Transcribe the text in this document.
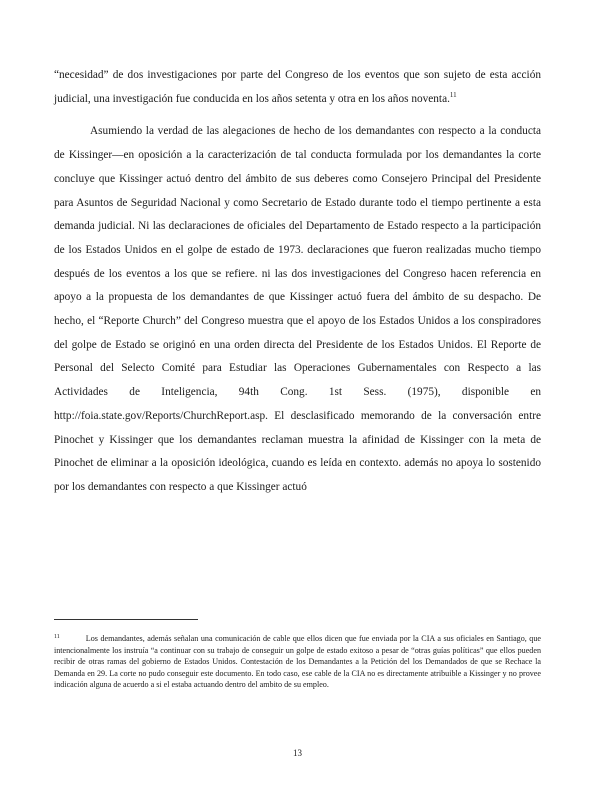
“necesidad” de dos investigaciones por parte del Congreso de los eventos que son sujeto de esta acción judicial, una investigación fue conducida en los años setenta y otra en los años noventa.$^{11}$

Asumiendo la verdad de las alegaciones de hecho de los demandantes con respecto a la conducta de Kissinger—en oposición a la caracterización de tal conducta formulada por los demandantes la corte concluye que Kissinger actuó dentro del ámbito de sus deberes como Consejero Principal del Presidente para Asuntos de Seguridad Nacional y como Secretario de Estado durante todo el tiempo pertinente a esta demanda judicial. Ni las declaraciones de oficiales del Departamento de Estado respecto a la participación de los Estados Unidos en el golpe de estado de 1973. declaraciones que fueron realizadas mucho tiempo después de los eventos a los que se refiere. ni las dos investigaciones del Congreso hacen referencia en apoyo a la propuesta de los demandantes de que Kissinger actuó fuera del ámbito de su despacho. De hecho, el “Reporte Church” del Congreso muestra que el apoyo de los Estados Unidos a los conspiradores del golpe de Estado se originó en una orden directa del Presidente de los Estados Unidos. El Reporte de Personal del Selecto Comité para Estudiar las Operaciones Gubernamentales con Respecto a las Actividades de Inteligencia, 94th Cong. 1st Sess. (1975), disponible en http://foia.state.gov/Reports/ChurchReport.asp. El desclasificado memorando de la conversación entre Pinochet y Kissinger que los demandantes reclaman muestra la afinidad de Kissinger con la meta de Pinochet de eliminar a la oposición ideológica, cuando es leída en contexto. además no apoya lo sostenido por los demandantes con respecto a que Kissinger actuó

$^{11}$	Los demandantes, además señalan una comunicación de cable que ellos dicen que fue enviada por la CIA a sus oficiales en Santiago, que intencionalmente los instruía “a continuar con su trabajo de conseguir un golpe de estado exitoso a pesar de “otras guías políticas” que ellos pueden recibir de otras ramas del gobierno de Estados Unidos. Contestación de los Demandantes a la Petición del los Demandados de que se Rechace la Demanda en 29. La corte no pudo conseguir este documento. En todo caso, ese cable de la CIA no es directamente atribuible a Kissinger y no provee indicación alguna de acuerdo a si el estaba actuando dentro del ambito de su empleo.
13
